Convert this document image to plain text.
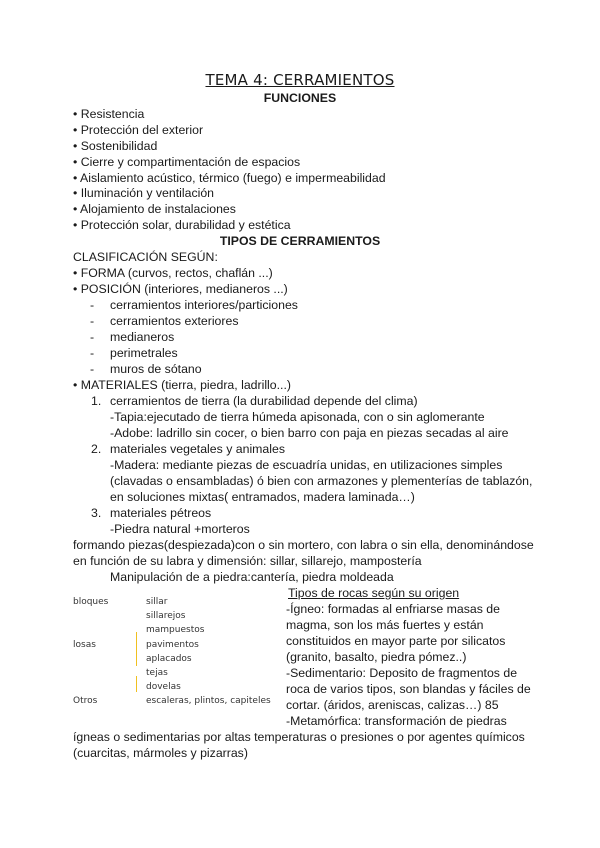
TEMA 4: CERRAMIENTOS
FUNCIONES
• Resistencia
• Protección del exterior
• Sostenibilidad
• Cierre y compartimentación de espacios
• Aislamiento acústico, térmico (fuego) e impermeabilidad
• Iluminación y ventilación
• Alojamiento de instalaciones
• Protección solar, durabilidad y estética
TIPOS DE CERRAMIENTOS
CLASIFICACIÓN SEGÚN:
• FORMA (curvos, rectos, chaflán ...)
• POSICIÓN (interiores, medianeros ...)
- cerramientos interiores/particiones
- cerramientos exteriores
- medianeros
- perimetrales
- muros de sótano
• MATERIALES (tierra, piedra, ladrillo...)
1. cerramientos de tierra (la durabilidad depende del clima)
-Tapia:ejecutado de tierra húmeda apisonada, con o sin aglomerante
-Adobe: ladrillo sin cocer, o bien barro con paja en piezas secadas al aire
2. materiales vegetales y animales
-Madera: mediante piezas de escuadría unidas, en utilizaciones simples
(clavadas o ensambladas) ó bien con armazones y plementerías de tablazón,
en soluciones mixtas( entramados, madera laminada…)
3. materiales pétreos
-Piedra natural +morteros
formando piezas(despiezada)con o sin mortero, con labra o sin ella, denominándose
en función de su labra y dimensión: sillar, sillarejo, mampostería
Manipulación de a piedra:cantería, piedra moldeada
bloques	sillar
sillarejos
mampuestos
losas	pavimentos
aplacados
tejas
dovelas
Otros	escaleras, plintos, capiteles
Tipos de rocas según su origen
-Ígneo: formadas al enfriarse masas de
magma, son los más fuertes y están
constituidos en mayor parte por silicatos
(granito, basalto, piedra pómez..)
-Sedimentario: Deposito de fragmentos de
roca de varios tipos, son blandas y fáciles de
cortar. (áridos, areniscas, calizas…) 85
-Metamórfica: transformación de piedras
ígneas o sedimentarias por altas temperaturas o presiones o por agentes químicos
(cuarcitas, mármoles y pizarras)
